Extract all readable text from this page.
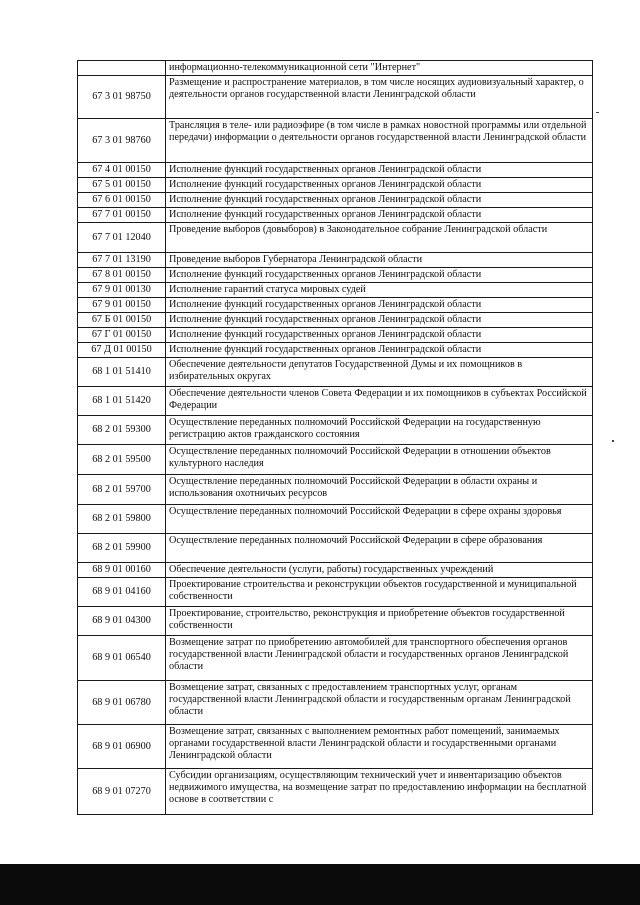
	информационно-телекоммуникационной сети "Интернет"
67 3 01 98750	Размещение и распространение материалов, в том числе носящих аудиовизуальный характер, о деятельности органов государственной власти Ленинградской области
67 3 01 98760	Трансляция в теле- или радиоэфире (в том числе в рамках новостной программы или отдельной передачи) информации о деятельности органов государственной власти Ленинградской области
67 4 01 00150	Исполнение функций государственных органов Ленинградской области
67 5 01 00150	Исполнение функций государственных органов Ленинградской области
67 6 01 00150	Исполнение функций государственных органов Ленинградской области
67 7 01 00150	Исполнение функций государственных органов Ленинградской области
67 7 01 12040	Проведение выборов (довыборов) в Законодательное собрание Ленинградской области
67 7 01 13190	Проведение выборов Губернатора Ленинградской области
67 8 01 00150	Исполнение функций государственных органов Ленинградской области
67 9 01 00130	Исполнение гарантий статуса мировых судей
67 9 01 00150	Исполнение функций государственных органов Ленинградской области
67 Б 01 00150	Исполнение функций государственных органов Ленинградской области
67 Г 01 00150	Исполнение функций государственных органов Ленинградской области
67 Д 01 00150	Исполнение функций государственных органов Ленинградской области
68 1 01 51410	Обеспечение деятельности депутатов Государственной Думы и их помощников в избирательных округах
68 1 01 51420	Обеспечение деятельности членов Совета Федерации и их помощников в субъектах Российской Федерации
68 2 01 59300	Осуществление переданных полномочий Российской Федерации на государственную регистрацию актов гражданского состояния
68 2 01 59500	Осуществление переданных полномочий Российской Федерации в отношении объектов культурного наследия
68 2 01 59700	Осуществление переданных полномочий Российской Федерации в области охраны и использования охотничьих ресурсов
68 2 01 59800	Осуществление переданных полномочий Российской Федерации в сфере охраны здоровья
68 2 01 59900	Осуществление переданных полномочий Российской Федерации в сфере образования
68 9 01 00160	Обеспечение деятельности (услуги, работы) государственных учреждений
68 9 01 04160	Проектирование строительства и реконструкции объектов государственной и муниципальной собственности
68 9 01 04300	Проектирование, строительство, реконструкция и приобретение объектов государственной собственности
68 9 01 06540	Возмещение затрат по приобретению автомобилей для транспортного обеспечения органов государственной власти Ленинградской области и государственных органов Ленинградской области
68 9 01 06780	Возмещение затрат, связанных с предоставлением транспортных услуг, органам государственной власти Ленинградской области и государственным органам Ленинградской области
68 9 01 06900	Возмещение затрат, связанных с выполнением ремонтных работ помещений, занимаемых органами государственной власти Ленинградской области и государственными органами Ленинградской области
68 9 01 07270	Субсидии организациям, осуществляющим технический учет и инвентаризацию объектов недвижимого имущества, на возмещение затрат по предоставлению информации на бесплатной основе в соответствии с
